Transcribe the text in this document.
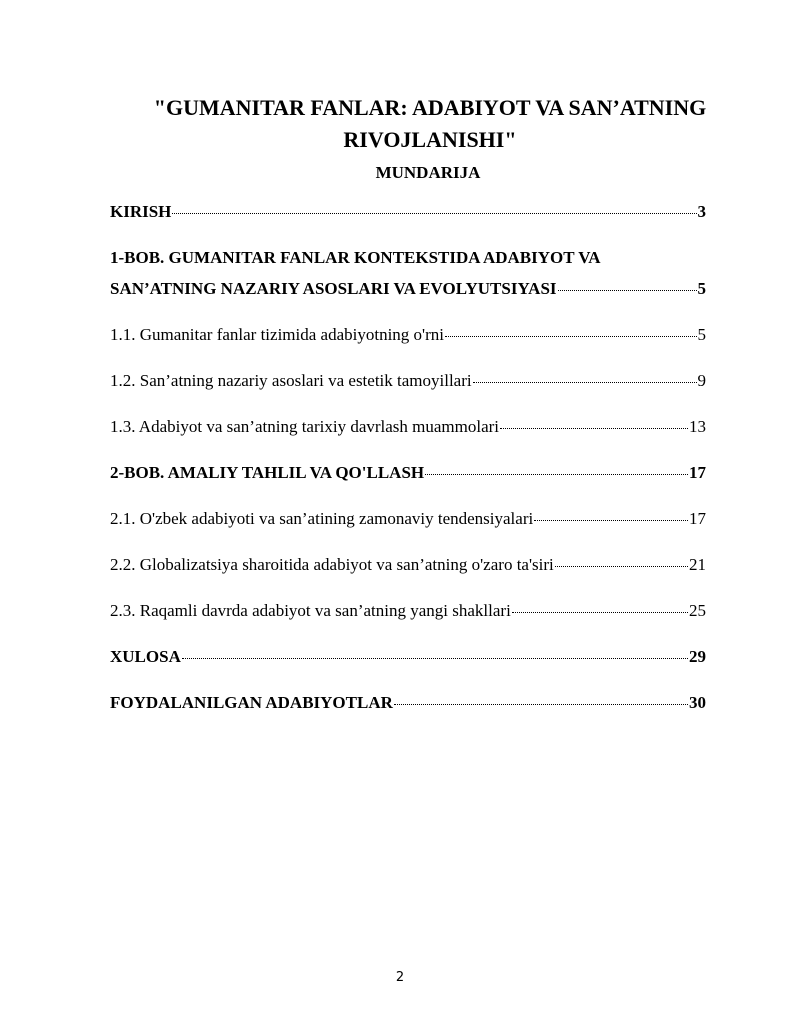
"GUMANITAR FANLAR: ADABIYOT VA SAN’ATNING
RIVOJLANISHI"
MUNDARIJA
KIRISH	3
1-BOB. GUMANITAR FANLAR KONTEKSTIDA ADABIYOT VA
SAN’ATNING NAZARIY ASOSLARI VA EVOLYUTSIYASI	5
1.1. Gumanitar fanlar tizimida adabiyotning o'rni	5
1.2. San’atning nazariy asoslari va estetik tamoyillari	9
1.3. Adabiyot va san’atning tarixiy davrlash muammolari	13
2-BOB. AMALIY TAHLIL VA QO'LLASH	17
2.1. O'zbek adabiyoti va san’atining zamonaviy tendensiyalari	17
2.2. Globalizatsiya sharoitida adabiyot va san’atning o'zaro ta'siri	21
2.3. Raqamli davrda adabiyot va san’atning yangi shakllari	25
XULOSA	29
FOYDALANILGAN ADABIYOTLAR	30
2
